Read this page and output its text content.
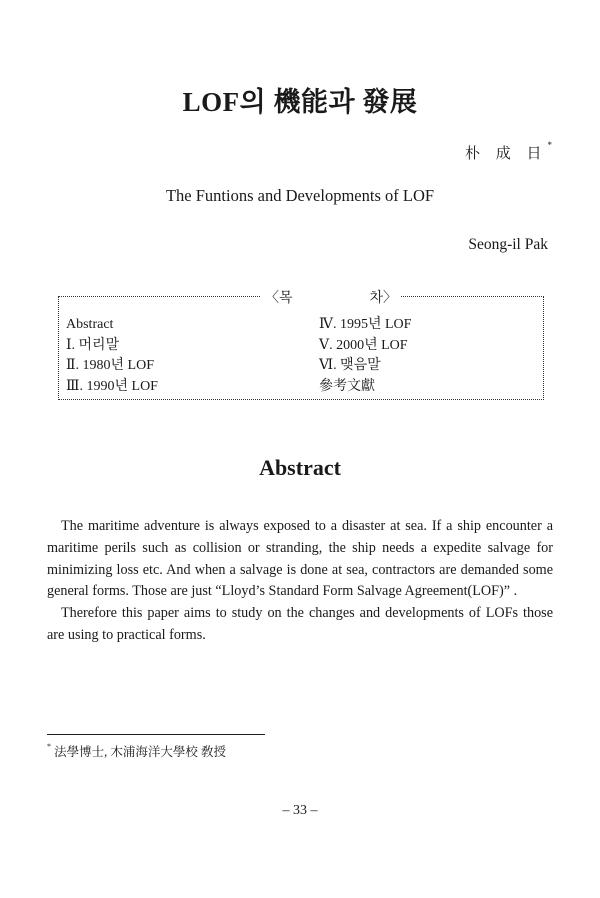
LOF의 機能과 發展
朴 成 日*
The Funtions and Developments of LOF
Seong-il Pak
〈목	차〉
Abstract
Ⅰ. 머리말
Ⅱ. 1980년 LOF
Ⅲ. 1990년 LOF
Ⅳ. 1995년 LOF
Ⅴ. 2000년 LOF
Ⅵ. 맺음말
參考文獻
Abstract

The maritime adventure is always exposed to a disaster at sea. If a ship encounter a maritime perils such as collision or stranding, the ship needs a expedite salvage for minimizing loss etc. And when a salvage is done at sea, contractors are demanded some general forms. Those are just “Lloyd’s Standard Form Salvage Agreement(LOF)” .

Therefore this paper aims to study on the changes and developments of LOFs those are using to practical forms.

* 法學博士, 木浦海洋大學校 敎授
– 33 –
